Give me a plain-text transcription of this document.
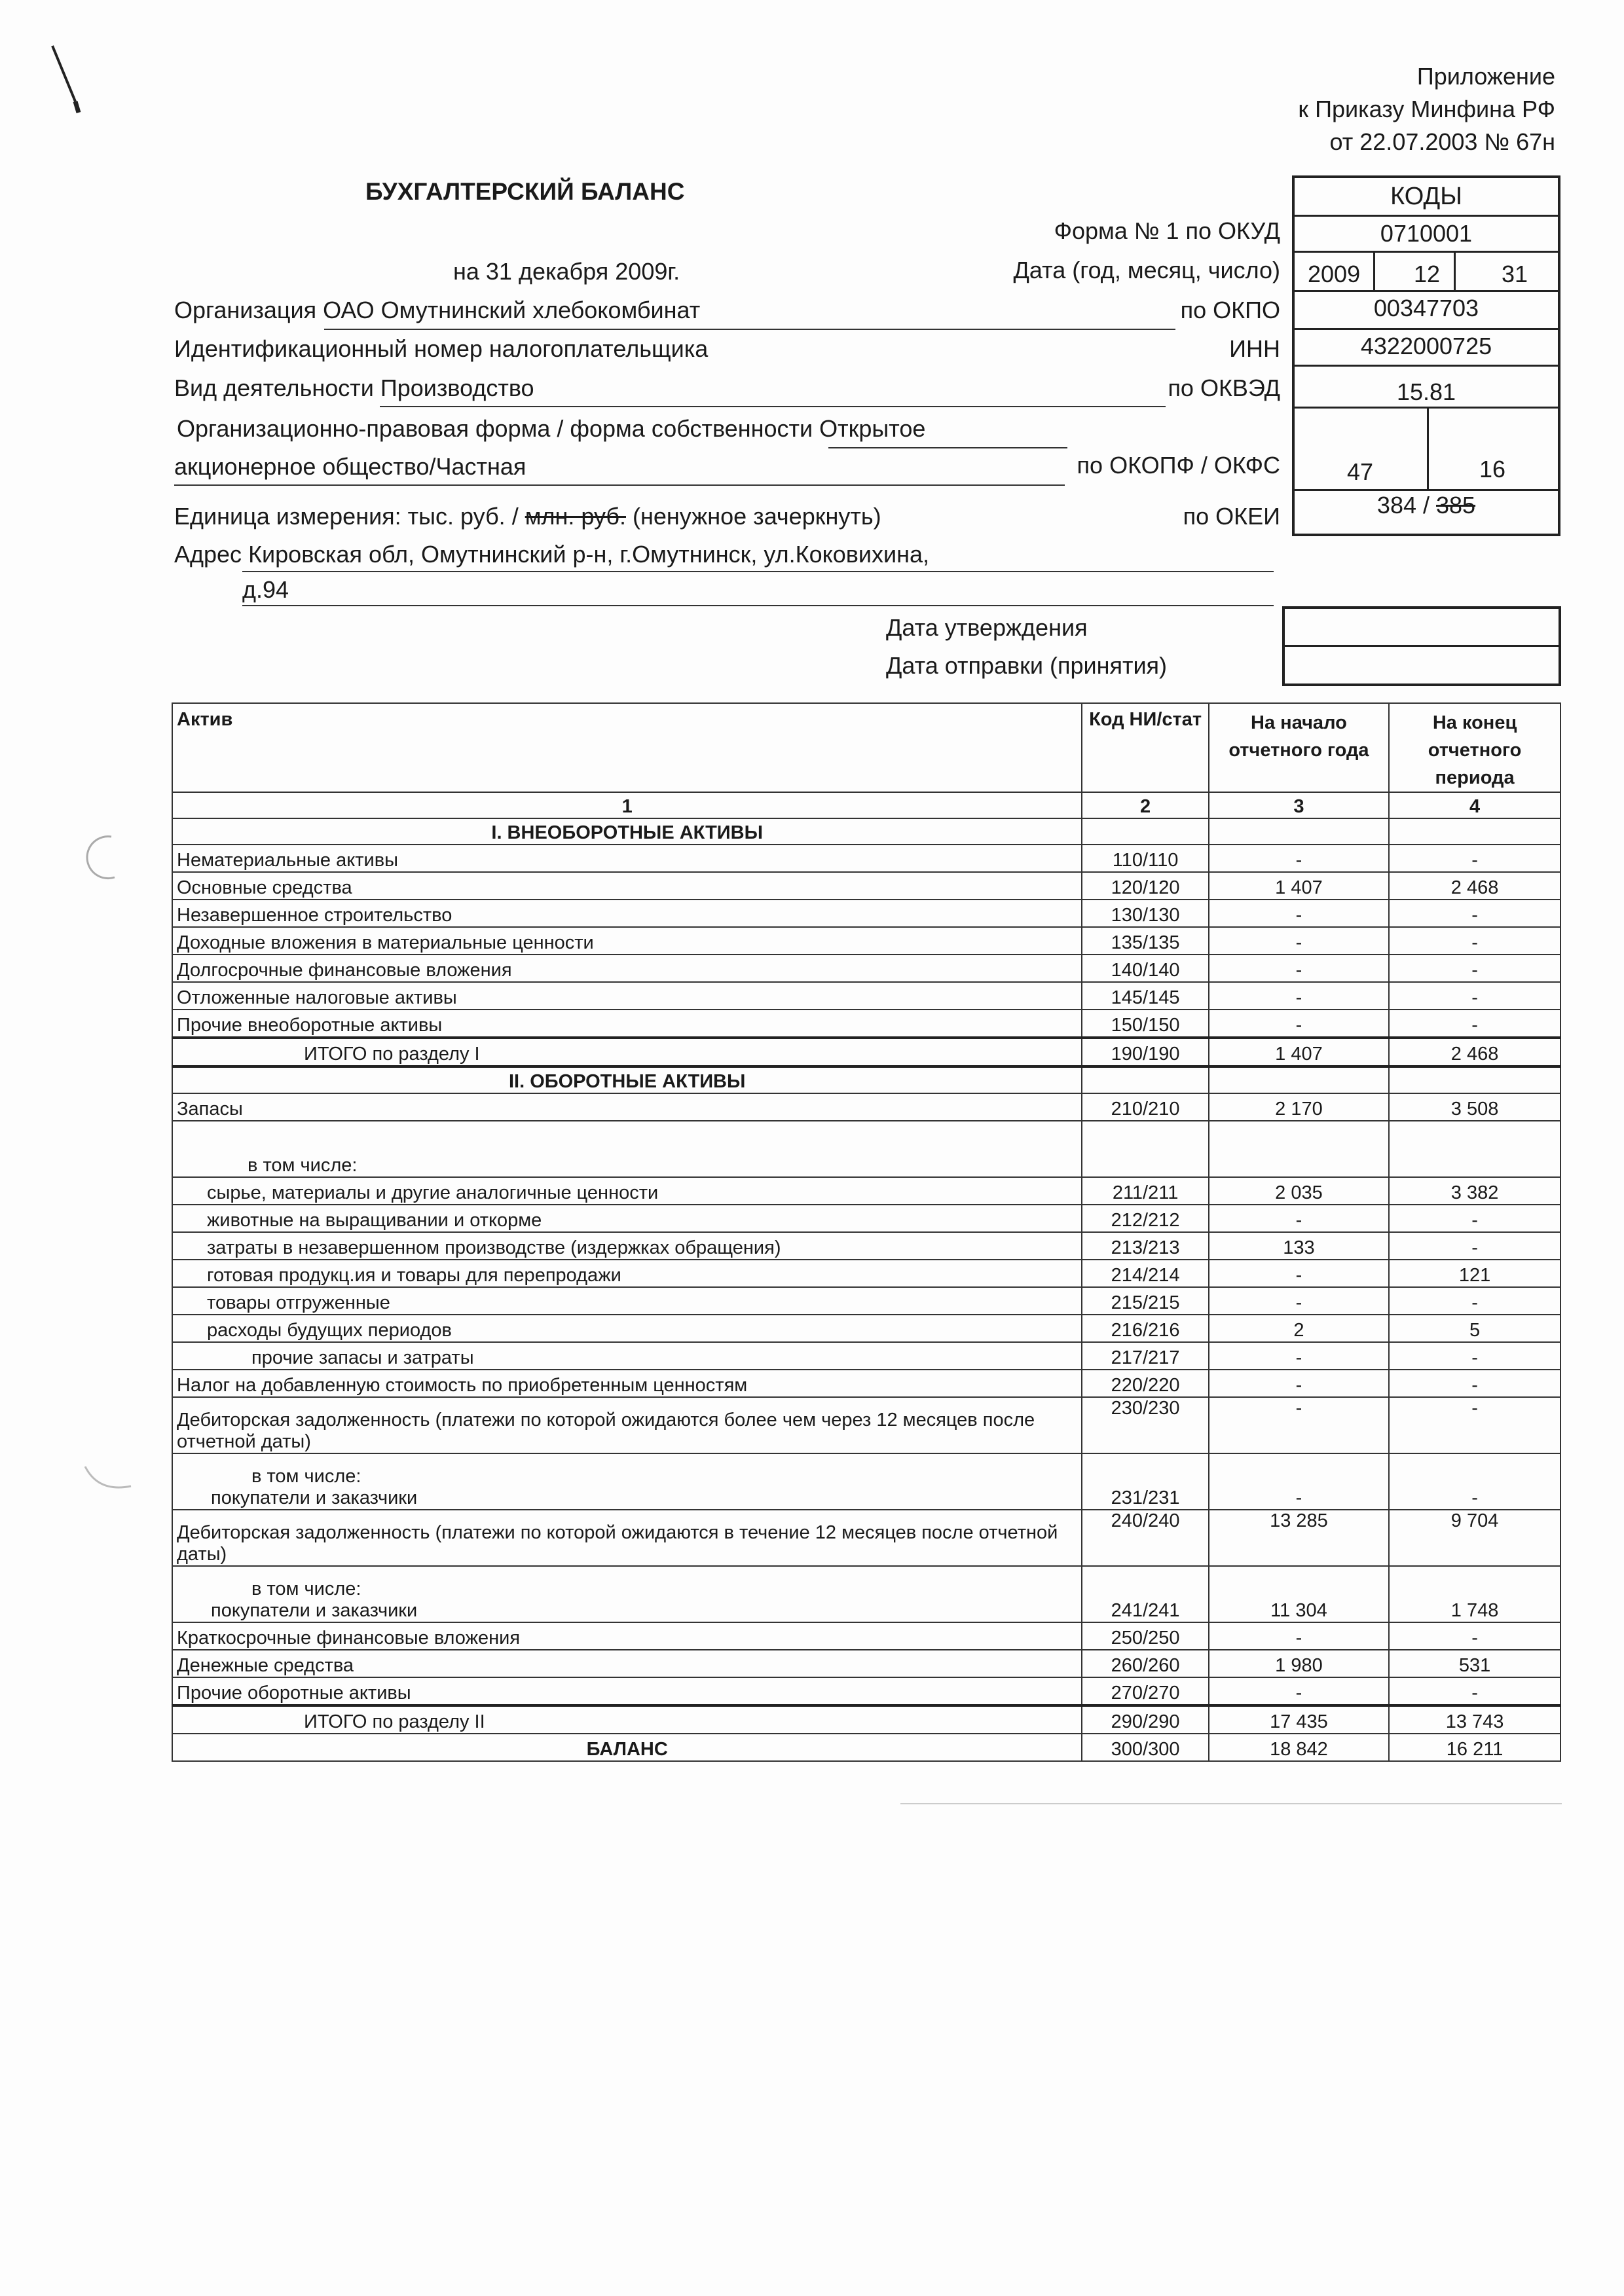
Приложение
к Приказу Минфина РФ
от 22.07.2003 № 67н
БУХГАЛТЕРСКИЙ БАЛАНС	КОДЫ
0710001
2009 12	31
00347703
4322000725
15.81
47	16
384 / 385
Форма № 1 по ОКУД
на 31 декабря 2009г.	Дата (год, месяц, число)
Организация ОАО Омутнинский хлебокомбинат	по ОКПО
Идентификационный номер налогоплательщика	ИНН
Вид деятельности Производство	по ОКВЭД
Организационно-правовая форма / форма собственности Открытое
акционерное общество/Частная	по ОКОПФ / ОКФС
Единица измерения: тыс. руб. / млн. руб. (ненужное зачеркнуть)	по ОКЕИ
Адрес Кировская обл, Омутнинский р-н, г.Омутнинск, ул.Коковихина,
д.94
Дата утверждения
Дата отправки (принятия)
Актив	Код НИ/стат	На начало отчетного года	На конец отчетного периода
1	2	3	4
I. ВНЕОБОРОТНЫЕ АКТИВЫ			
Нематериальные активы	110/110	-	-
Основные средства	120/120	1 407	2 468
Незавершенное строительство	130/130	-	-
Доходные вложения в материальные ценности	135/135	-	-
Долгосрочные финансовые вложения	140/140	-	-
Отложенные налоговые активы	145/145	-	-
Прочие внеоборотные активы	150/150	-	-
ИТОГО по разделу I	190/190	1 407	2 468
II. ОБОРОТНЫЕ АКТИВЫ			
Запасы	210/210	2 170	3 508
в том числе:			
сырье, материалы и другие аналогичные ценности	211/211	2 035	3 382
животные на выращивании и откорме	212/212	-	-
затраты в незавершенном производстве (издержках обращения)	213/213	133	-
готовая продукц.ия и товары для перепродажи	214/214	-	121
товары отгруженные	215/215	-	-
расходы будущих периодов	216/216	2	5
прочие запасы и затраты	217/217	-	-
Налог на добавленную стоимость по приобретенным ценностям	220/220	-	-
Дебиторская задолженность (платежи по которой ожидаются более чем через 12 месяцев после отчетной даты)	230/230	-	-

в том числе:
покупатели и заказчики	231/231	-	-
Дебиторская задолженность (платежи по которой ожидаются в течение 12 месяцев после отчетной даты)	240/240	13 285	9 704

в том числе:
покупатели и заказчики	241/241	11 304	1 748
Краткосрочные финансовые вложения	250/250	-	-
Денежные средства	260/260	1 980	531
Прочие оборотные активы	270/270	-	-
ИТОГО по разделу II	290/290	17 435	13 743
БАЛАНС	300/300	18 842	16 211
